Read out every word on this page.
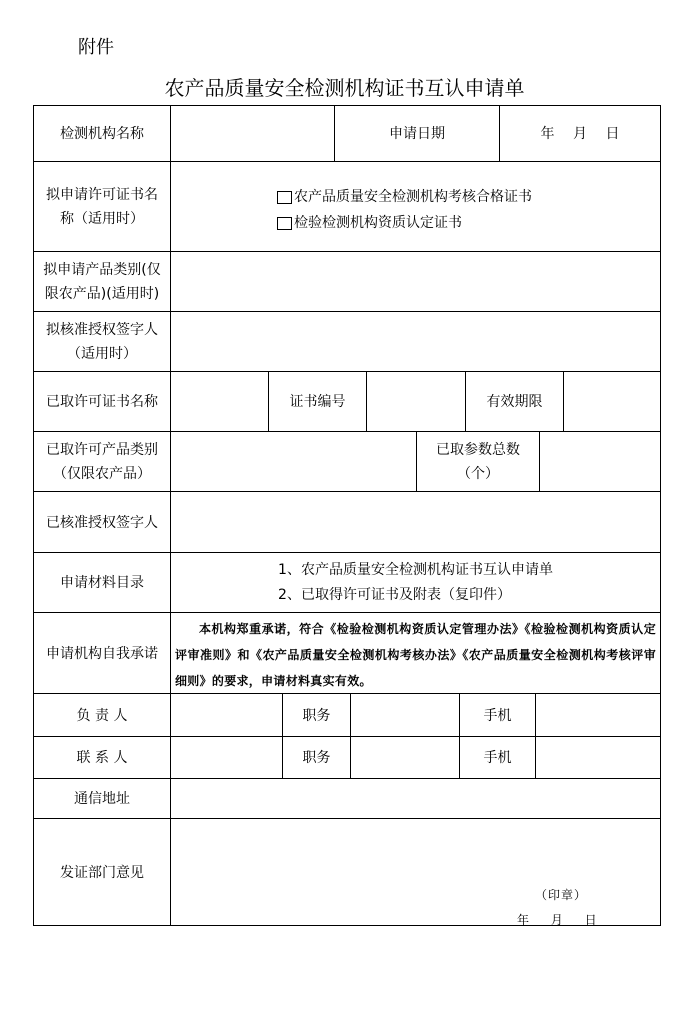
附件
农产品质量安全检测机构证书互认申请单
检测机构名称	申请日期	年　 月　 日
拟申请许可证书名
称（适用时）
农产品质量安全检测机构考核合格证书
检验检测机构资质认定证书
拟申请产品类别(仅
限农产品)(适用时)
拟核准授权签字人
（适用时）
已取许可证书名称	证书编号	有效期限
已取许可产品类别
（仅限农产品）
已取参数总数
（个）
已核准授权签字人
申请材料目录
1、农产品质量安全检测机构证书互认申请单
2、已取得许可证书及附表（复印件）
申请机构自我承诺

本机构郑重承诺，符合《检验检测机构资质认定管理办法》《检验检测机构资质认定评审准则》和《农产品质量安全检测机构考核办法》《农产品质量安全检测机构考核评审细则》的要求，申请材料真实有效。

负 责 人	职务	手机
联 系 人	职务	手机
通信地址
发证部门意见
（印章）
年 月 日
